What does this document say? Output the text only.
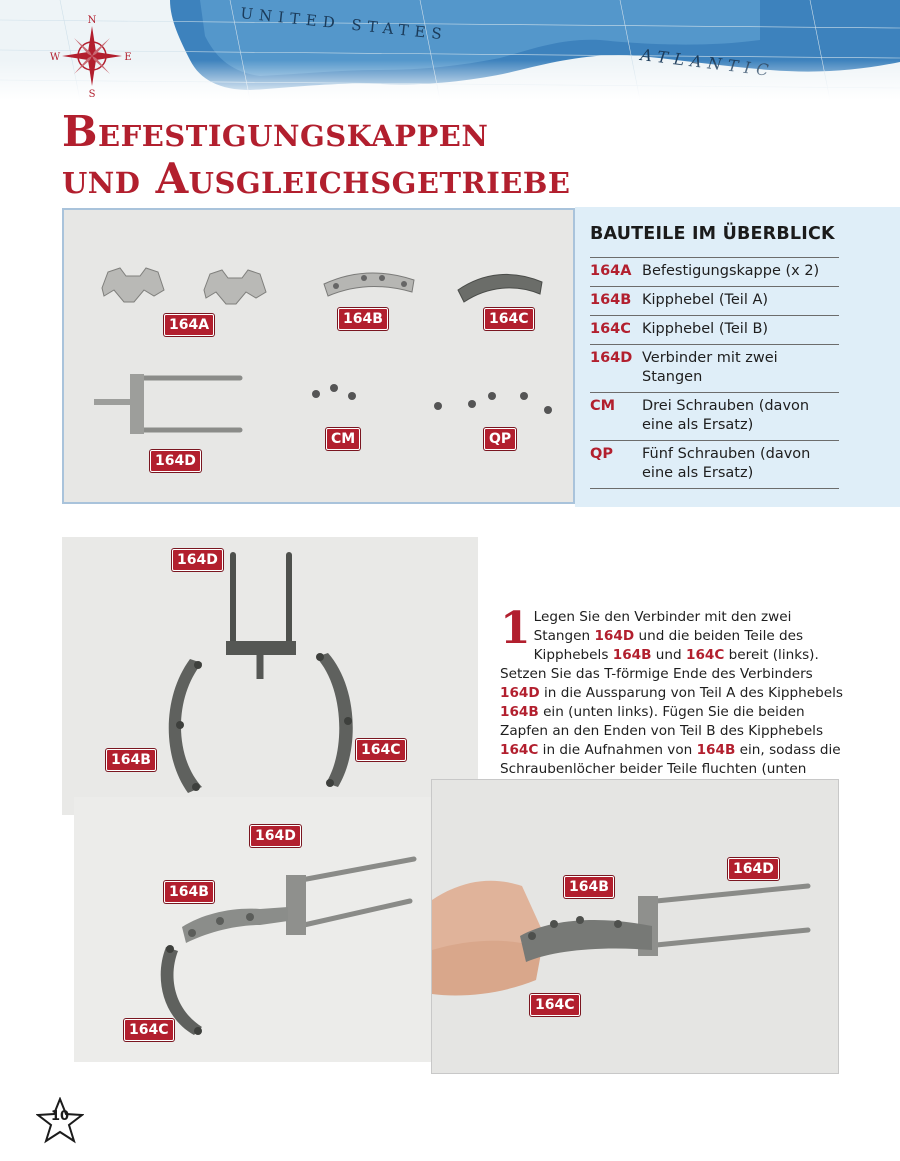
UNITED STATES
N
E
S
W
Befestigungskappen
und Ausgleichsgetriebe
164A	164B	164C
164D
CM	QP
BAUTEILE IM ÜBERBLICK
164A Befestigungskappe (x 2)
164B Kipphebel (Teil A)
164C Kipphebel (Teil B)
164D Verbinder mit zwei Stangen
CM	Drei Schrauben (davon eine als Ersatz)
QP	Fünf Schrauben (davon eine als Ersatz)
164D
164B
164C

1 Legen Sie den Verbinder mit den zwei Stangen 164D und die beiden Teile des Kipphebels 164B und 164C bereit (links). Setzen Sie das T-förmige Ende des Verbinders 164D in die Aussparung von Teil A des Kipphebels 164B ein (unten links). Fügen Sie die beiden Zapfen an den Enden von Teil B des Kipphebels 164C in die Aufnahmen von 164B ein, sodass die Schraubenlöcher beider Teile fluchten (unten

164D
164B
164C
164D
164B
164C
10
